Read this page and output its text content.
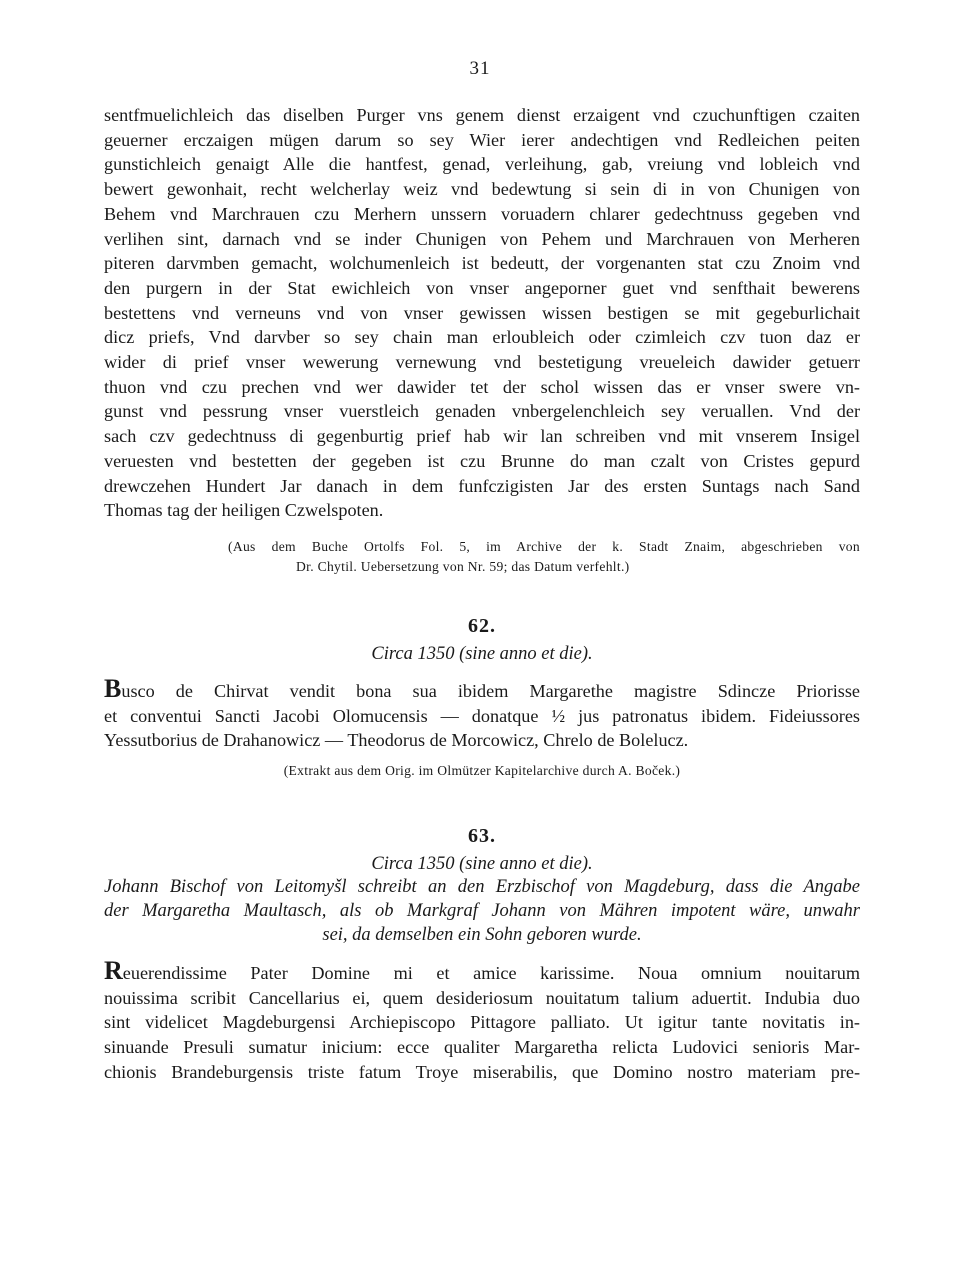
31

sentfmuelichleich das diselben Purger vns genem dienst erzaigent vnd czuchunftigen czaiten
geuerner erczaigen mügen darum so sey Wier ierer andechtigen vnd Redleichen peiten
gunstichleich genaigt Alle die hantfest, genad, verleihung, gab, vreiung vnd lobleich vnd
bewert gewonhait, recht welcherlay weiz vnd bedewtung si sein di in von Chunigen von
Behem vnd Marchrauen czu Merhern unssern voruadern chlarer gedechtnuss gegeben vnd
verlihen sint, darnach vnd se inder Chunigen von Pehem und Marchrauen von Merheren
piteren darvmben gemacht, wolchumenleich ist bedeutt, der vorgenanten stat czu Znoim vnd
den purgern in der Stat ewichleich von vnser angeporner guet vnd senfthait bewerens
bestettens vnd verneuns vnd von vnser gewissen wissen bestigen se mit gegeburlichait
dicz priefs, Vnd darvber so sey chain man erloubleich oder czimleich czv tuon daz er
wider di prief vnser wewerung vernewung vnd bestetigung vreueleich dawider getuerr
thuon vnd czu prechen vnd wer dawider tet der schol wissen das er vnser swere vn-
gunst vnd pessrung vnser vuerstleich genaden vnbergelenchleich sey veruallen. Vnd der
sach czv gedechtnuss di gegenburtig prief hab wir lan schreiben vnd mit vnserem Insigel
veruesten vnd bestetten der gegeben ist czu Brunne do man czalt von Cristes gepurd
drewczehen Hundert Jar danach in dem funfczigisten Jar des ersten Suntags nach Sand
Thomas tag der heiligen Czwelspoten.

(Aus dem Buche Ortolfs Fol. 5, im Archive der k. Stadt Znaim, abgeschrieben von
Dr. Chytil. Uebersetzung von Nr. 59; das Datum verfehlt.)

62.
Circa 1350 (sine anno et die).

Busco de Chirvat vendit bona sua ibidem Margarethe magistre Sdincze Priorisse
et conventui Sancti Jacobi Olomucensis — donatque ½ jus patronatus ibidem. Fideiussores
Yessutborius de Drahanowicz — Theodorus de Morcowicz, Chrelo de Bolelucz.

(Extrakt aus dem Orig. im Olmützer Kapitelarchive durch A. Boček.)

63.
Circa 1350 (sine anno et die).

Johann Bischof von Leitomyšl schreibt an den Erzbischof von Magdeburg, dass die Angabe
der Margaretha Maultasch, als ob Markgraf Johann von Mähren impotent wäre, unwahr
sei, da demselben ein Sohn geboren wurde.

Reuerendissime Pater Domine mi et amice karissime. Noua omnium nouitarum
nouissima scribit Cancellarius ei, quem desideriosum nouitatum talium aduertit. Indubia duo
sint videlicet Magdeburgensi Archiepiscopo Pittagore palliato. Ut igitur tante novitatis in-
sinuande Presuli sumatur inicium: ecce qualiter Margaretha relicta Ludovici senioris Mar-
chionis Brandeburgensis triste fatum Troye miserabilis, que Domino nostro materiam pre-
